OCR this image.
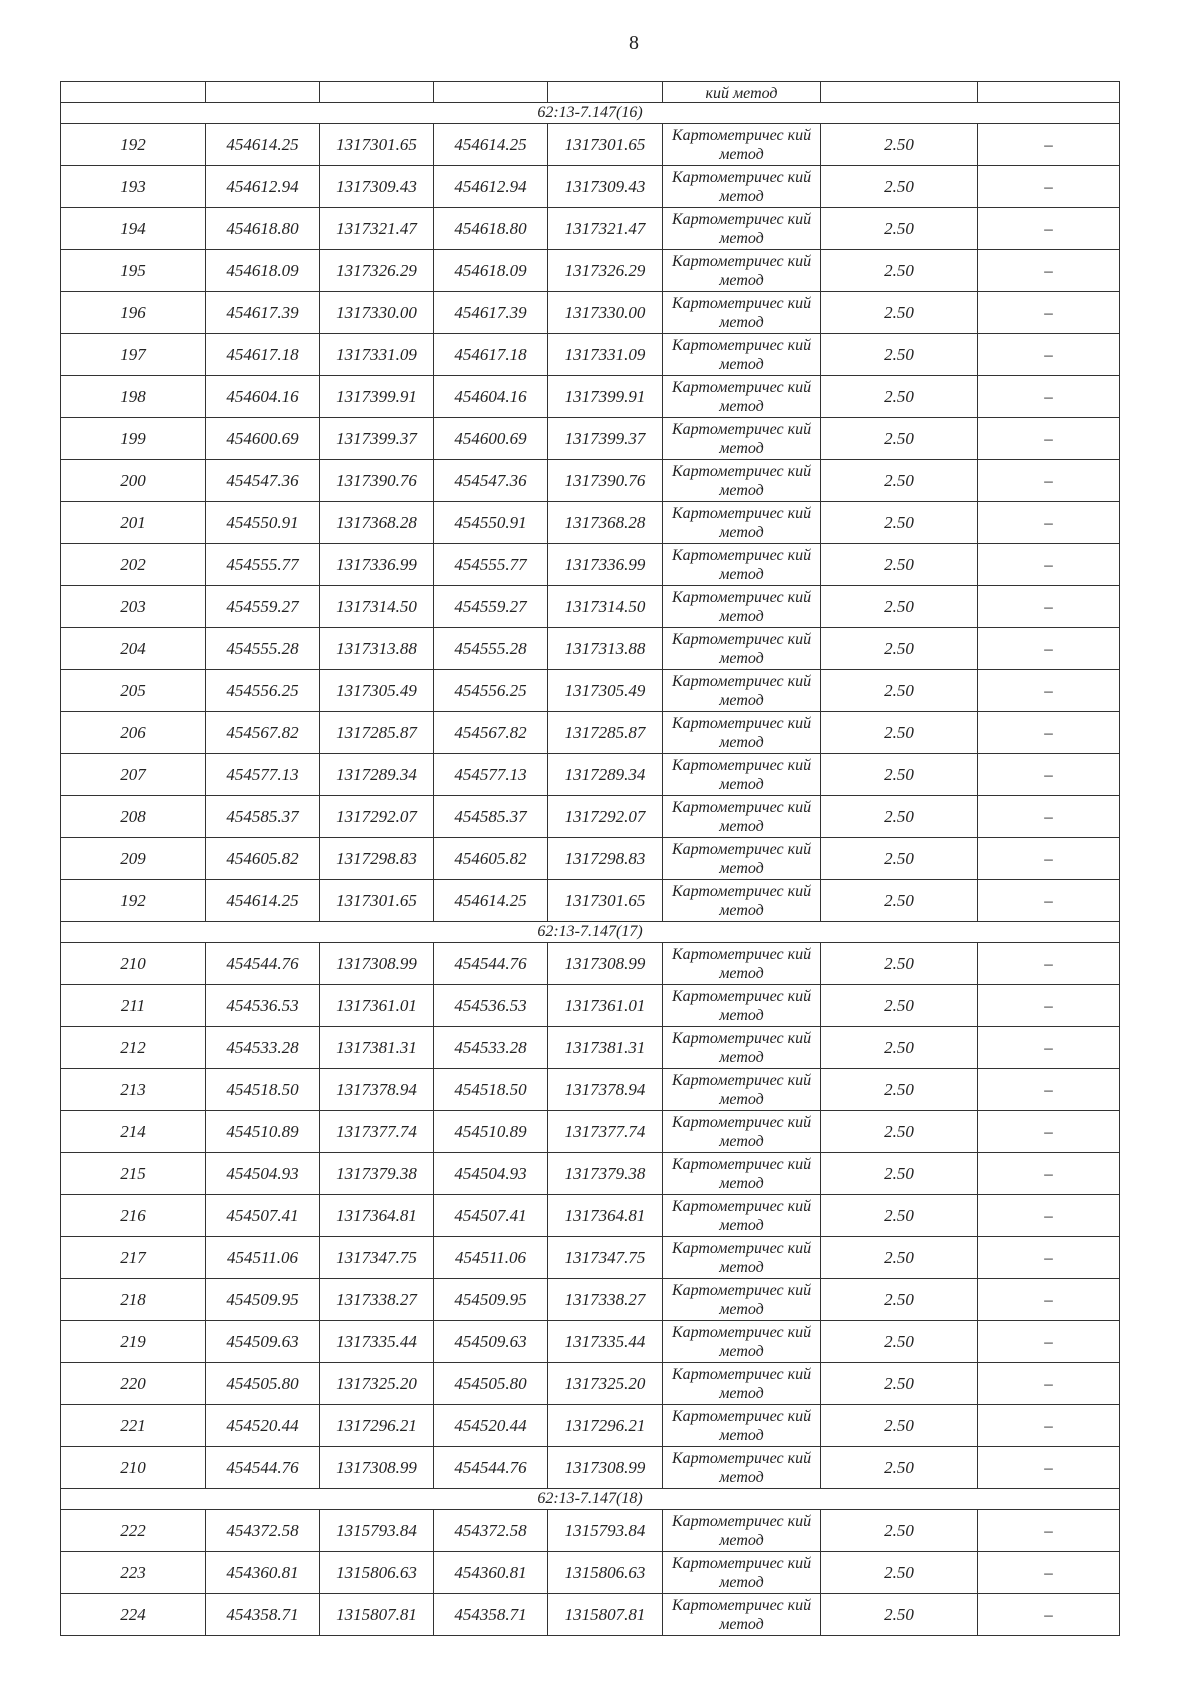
8
					кий метод		
62:13-7.147(16)							
192	454614.25	1317301.65	454614.25	1317301.65	Картометричес кий метод	2.50	–
193	454612.94	1317309.43	454612.94	1317309.43	Картометричес кий метод	2.50	–
194	454618.80	1317321.47	454618.80	1317321.47	Картометричес кий метод	2.50	–
195	454618.09	1317326.29	454618.09	1317326.29	Картометричес кий метод	2.50	–
196	454617.39	1317330.00	454617.39	1317330.00	Картометричес кий метод	2.50	–
197	454617.18	1317331.09	454617.18	1317331.09	Картометричес кий метод	2.50	–
198	454604.16	1317399.91	454604.16	1317399.91	Картометричес кий метод	2.50	–
199	454600.69	1317399.37	454600.69	1317399.37	Картометричес кий метод	2.50	–
200	454547.36	1317390.76	454547.36	1317390.76	Картометричес кий метод	2.50	–
201	454550.91	1317368.28	454550.91	1317368.28	Картометричес кий метод	2.50	–
202	454555.77	1317336.99	454555.77	1317336.99	Картометричес кий метод	2.50	–
203	454559.27	1317314.50	454559.27	1317314.50	Картометричес кий метод	2.50	–
204	454555.28	1317313.88	454555.28	1317313.88	Картометричес кий метод	2.50	–
205	454556.25	1317305.49	454556.25	1317305.49	Картометричес кий метод	2.50	–
206	454567.82	1317285.87	454567.82	1317285.87	Картометричес кий метод	2.50	–
207	454577.13	1317289.34	454577.13	1317289.34	Картометричес кий метод	2.50	–
208	454585.37	1317292.07	454585.37	1317292.07	Картометричес кий метод	2.50	–
209	454605.82	1317298.83	454605.82	1317298.83	Картометричес кий метод	2.50	–
192	454614.25	1317301.65	454614.25	1317301.65	Картометричес кий метод	2.50	–
62:13-7.147(17)							
210	454544.76	1317308.99	454544.76	1317308.99	Картометричес кий метод	2.50	–
211	454536.53	1317361.01	454536.53	1317361.01	Картометричес кий метод	2.50	–
212	454533.28	1317381.31	454533.28	1317381.31	Картометричес кий метод	2.50	–
213	454518.50	1317378.94	454518.50	1317378.94	Картометричес кий метод	2.50	–
214	454510.89	1317377.74	454510.89	1317377.74	Картометричес кий метод	2.50	–
215	454504.93	1317379.38	454504.93	1317379.38	Картометричес кий метод	2.50	–
216	454507.41	1317364.81	454507.41	1317364.81	Картометричес кий метод	2.50	–
217	454511.06	1317347.75	454511.06	1317347.75	Картометричес кий метод	2.50	–
218	454509.95	1317338.27	454509.95	1317338.27	Картометричес кий метод	2.50	–
219	454509.63	1317335.44	454509.63	1317335.44	Картометричес кий метод	2.50	–
220	454505.80	1317325.20	454505.80	1317325.20	Картометричес кий метод	2.50	–
221	454520.44	1317296.21	454520.44	1317296.21	Картометричес кий метод	2.50	–
210	454544.76	1317308.99	454544.76	1317308.99	Картометричес кий метод	2.50	–
62:13-7.147(18)							
222	454372.58	1315793.84	454372.58	1315793.84	Картометричес кий метод	2.50	–
223	454360.81	1315806.63	454360.81	1315806.63	Картометричес кий метод	2.50	–
224	454358.71	1315807.81	454358.71	1315807.81	Картометричес кий метод	2.50	–
